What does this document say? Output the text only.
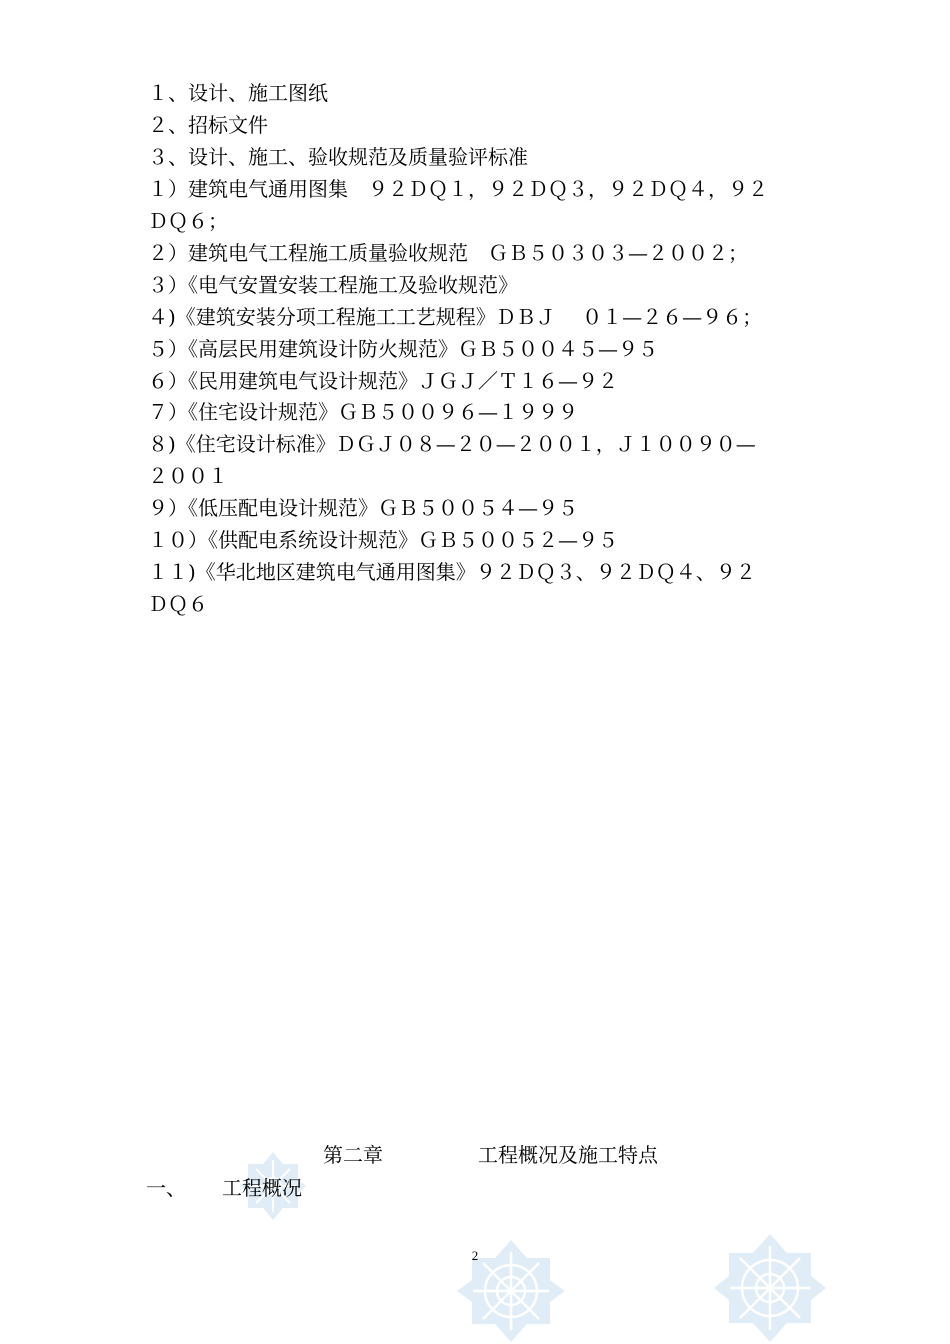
１、设计、施工图纸
２、招标文件
３、设计、施工、验收规范及质量验评标准
１）建筑电气通用图集　９２ＤＱ１，９２ＤＱ３，９２ＤＱ４，９２
ＤＱ６；
２）建筑电气工程施工质量验收规范　ＧＢ５０３０３—２００２；
３）《电气安置安装工程施工及验收规范》
４)《建筑安装分项工程施工工艺规程》ＤＢＪ　 ０１—２６—９６；
５）《高层民用建筑设计防火规范》ＧＢ５００４５—９５
６）《民用建筑电气设计规范》ＪＧＪ／Ｔ１６—９２
７）《住宅设计规范》ＧＢ５００９６—１９９９
８)《住宅设计标准》ＤＧＪ０８—２０—２００１，Ｊ１００９０—
２００１
９）《低压配电设计规范》ＧＢ５００５４—９５
１０）《供配电系统设计规范》ＧＢ５００５２—９５
１１)《华北地区建筑电气通用图集》９２ＤＱ３、９２ＤＱ４、９２
ＤＱ６
第二章	工程概况及施工特点
一、 工程概况
2
